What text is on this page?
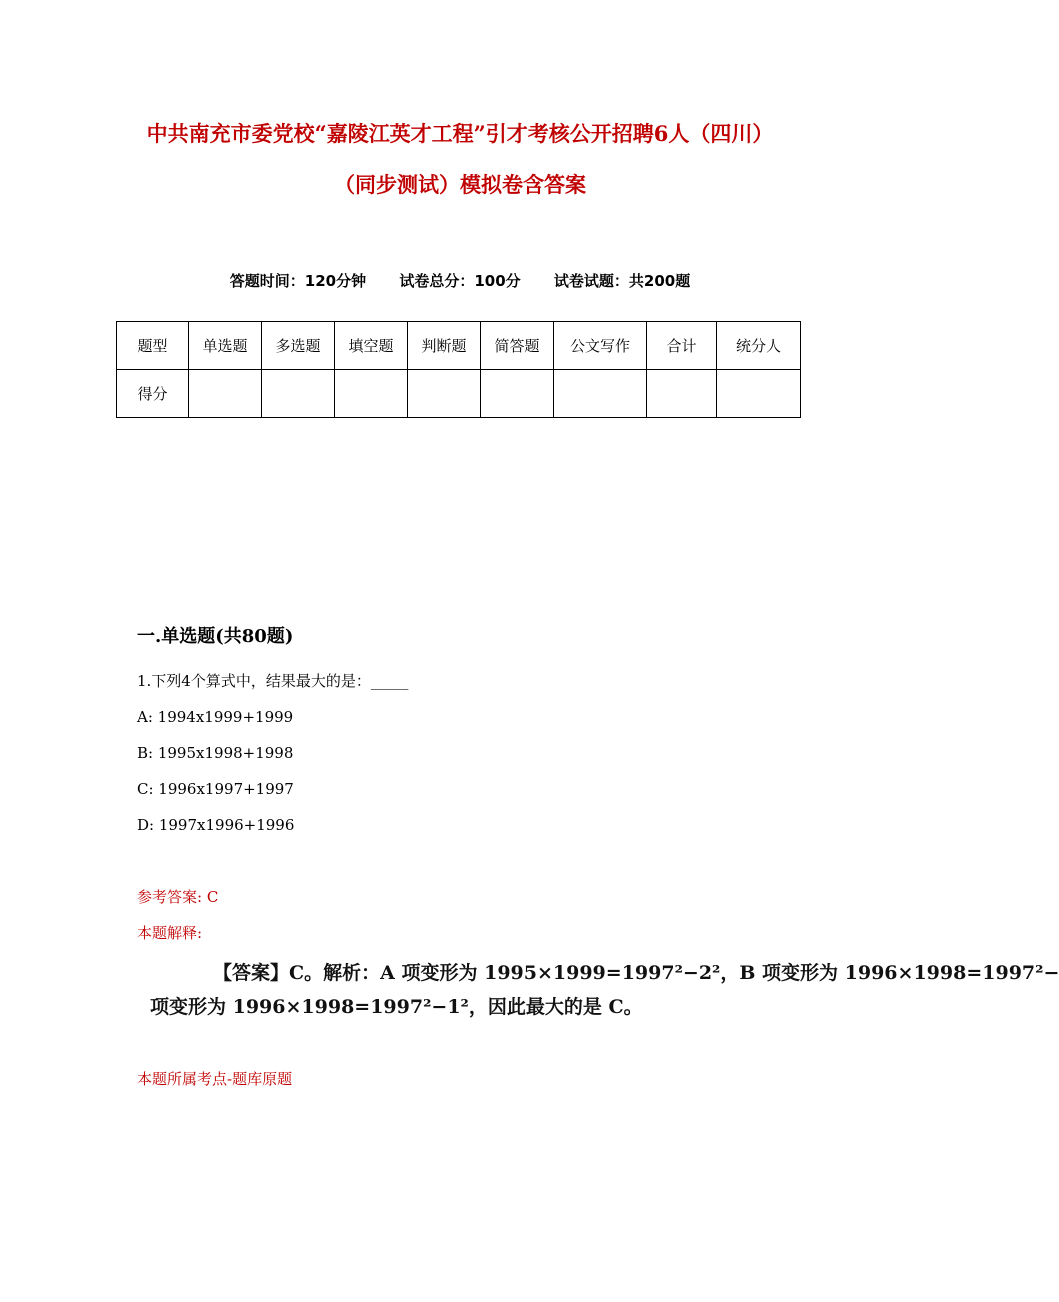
中共南充市委党校“嘉陵江英才工程”引才考核公开招聘6人（四川）
（同步测试）模拟卷含答案
答题时间：120分钟 试卷总分：100分 试卷试题：共200题
题型	单选题	多选题	填空题	判断题	简答题	公文写作	合计	统分人
得分								
一.单选题(共80题)
1.下列4个算式中，结果最大的是：_____
A: 1994x1999+1999
B: 1995x1998+1998
C: 1996x1997+1997
D: 1997x1996+1996
参考答案: C
本题解释:
【答案】C。解析：A 项变形为 1995×1999=1997²−2²，B 项变形为 1996×1998=1997²−
项变形为 1996×1998=1997²−1²，因此最大的是 C。
本题所属考点-题库原题
